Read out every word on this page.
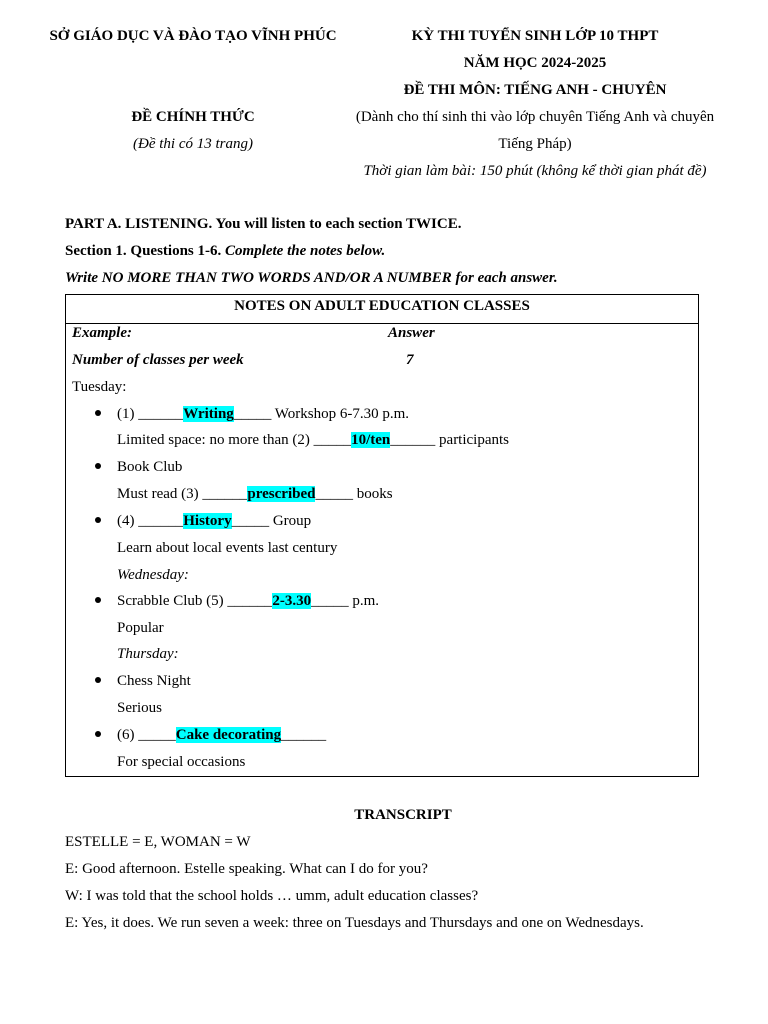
SỞ GIÁO DỤC VÀ ĐÀO TẠO VĨNH PHÚC
ĐỀ CHÍNH THỨC
(Đề thi có 13 trang)
KỲ THI TUYỂN SINH LỚP 10 THPT
NĂM HỌC 2024-2025
ĐỀ THI MÔN: TIẾNG ANH - CHUYÊN
(Dành cho thí sinh thi vào lớp chuyên Tiếng Anh và chuyên
Tiếng Pháp)
Thời gian làm bài: 150 phút (không kể thời gian phát đề)
PART A. LISTENING. You will listen to each section TWICE.
Section 1. Questions 1-6. Complete the notes below.
Write NO MORE THAN TWO WORDS AND/OR A NUMBER for each answer.
NOTES ON ADULT EDUCATION CLASSES
Example:	Answer
Number of classes per week	7
Tuesday:
(1) ______Writing_____ Workshop 6-7.30 p.m.
Limited space: no more than (2) _____10/ten______ participants
Book Club
Must read (3) ______prescribed_____ books
(4) ______History_____ Group
Learn about local events last century
Wednesday:
Scrabble Club (5) ______2-3.30_____ p.m.
Popular
Thursday:
Chess Night
Serious
(6) _____Cake decorating______
For special occasions
TRANSCRIPT
ESTELLE = E, WOMAN = W
E: Good afternoon. Estelle speaking. What can I do for you?
W: I was told that the school holds … umm, adult education classes?
E: Yes, it does. We run seven a week: three on Tuesdays and Thursdays and one on Wednesdays.
